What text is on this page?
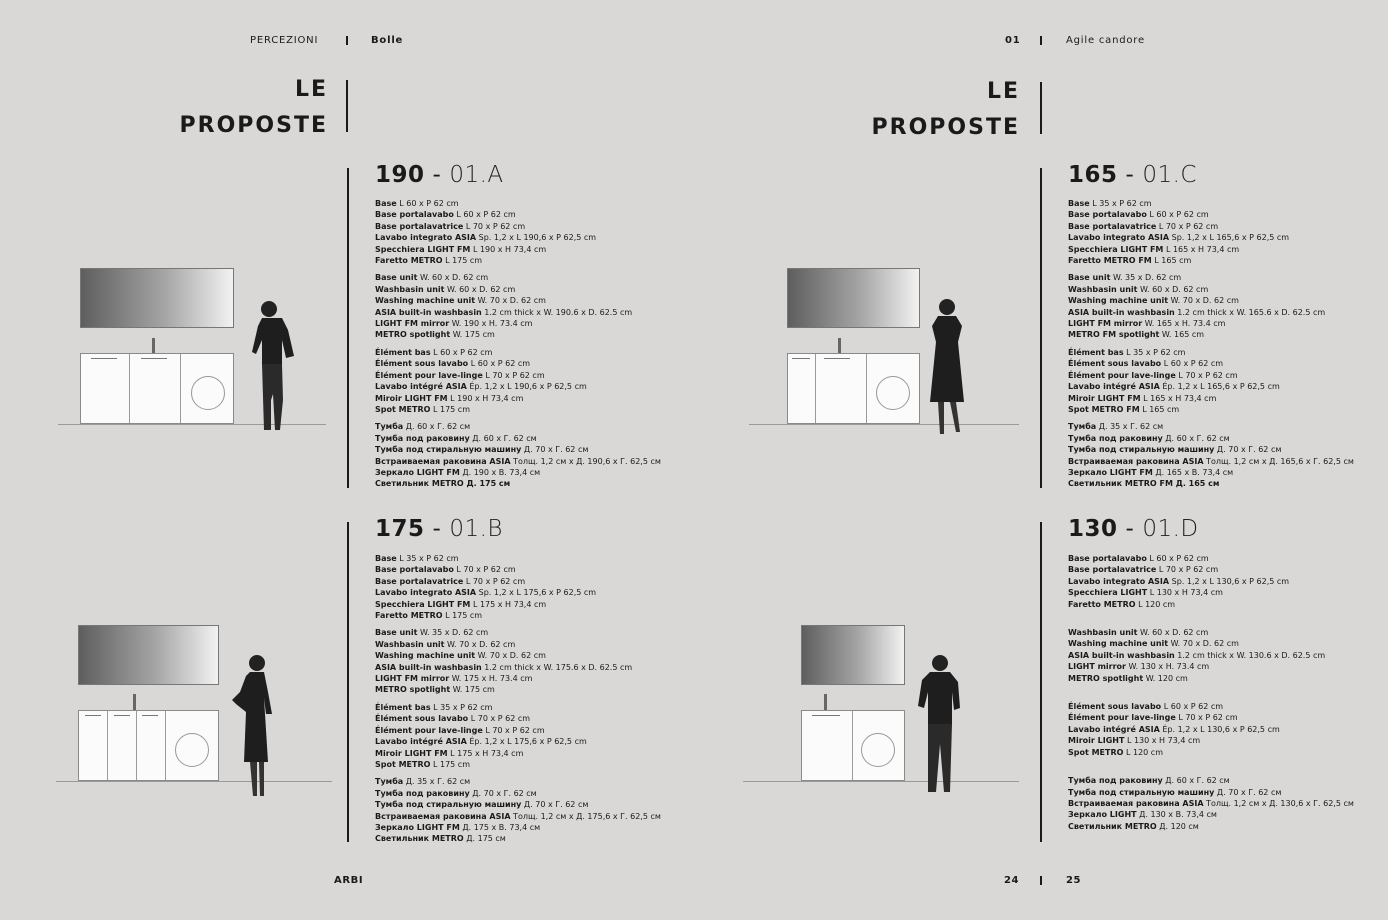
PERCEZIONI	Bolle	01	Agile candore
LE
PROPOSTE
LE
PROPOSTE
190 - 01.A
Base L 60 x P 62 cm
Base portalavabo L 60 x P 62 cm
Base portalavatrice L 70 x P 62 cm
Lavabo integrato ASIA Sp. 1,2 x L 190,6 x P 62,5 cm
Specchiera LIGHT FM L 190 x H 73,4 cm
Faretto METRO L 175 cm
Base unit W. 60 x D. 62 cm
Washbasin unit W. 60 x D. 62 cm
Washing machine unit W. 70 x D. 62 cm
ASIA built-in washbasin 1.2 cm thick x W. 190.6 x D. 62.5 cm
LIGHT FM mirror W. 190 x H. 73.4 cm
METRO spotlight W. 175 cm
Élément bas L 60 x P 62 cm
Élément sous lavabo L 60 x P 62 cm
Élément pour lave-linge L 70 x P 62 cm
Lavabo intégré ASIA Ép. 1,2 x L 190,6 x P 62,5 cm
Miroir LIGHT FM L 190 x H 73,4 cm
Spot METRO L 175 cm
Тумба Д. 60 x Г. 62 см
Тумба под раковину Д. 60 x Г. 62 см
Тумба под стиральную машину Д. 70 x Г. 62 см
Встраиваемая раковина ASIA Толщ. 1,2 см x Д. 190,6 x Г. 62,5 см
Зеркало LIGHT FM Д. 190 x В. 73,4 см
Светильник METRO Д. 175 см
175 - 01.B
Base L 35 x P 62 cm
Base portalavabo L 70 x P 62 cm
Base portalavatrice L 70 x P 62 cm
Lavabo integrato ASIA Sp. 1,2 x L 175,6 x P 62,5 cm
Specchiera LIGHT FM L 175 x H 73,4 cm
Faretto METRO L 175 cm
Base unit W. 35 x D. 62 cm
Washbasin unit W. 70 x D. 62 cm
Washing machine unit W. 70 x D. 62 cm
ASIA built-in washbasin 1.2 cm thick x W. 175.6 x D. 62.5 cm
LIGHT FM mirror W. 175 x H. 73.4 cm
METRO spotlight W. 175 cm
Élément bas L 35 x P 62 cm
Élément sous lavabo L 70 x P 62 cm
Élément pour lave-linge L 70 x P 62 cm
Lavabo intégré ASIA Ép. 1,2 x L 175,6 x P 62,5 cm
Miroir LIGHT FM L 175 x H 73,4 cm
Spot METRO L 175 cm
Тумба Д. 35 x Г. 62 см
Тумба под раковину Д. 70 x Г. 62 см
Тумба под стиральную машину Д. 70 x Г. 62 см
Встраиваемая раковина ASIA Толщ. 1,2 см x Д. 175,6 x Г. 62,5 см
Зеркало LIGHT FM Д. 175 x В. 73,4 см
Светильник METRO Д. 175 см
165 - 01.C
Base L 35 x P 62 cm
Base portalavabo L 60 x P 62 cm
Base portalavatrice L 70 x P 62 cm
Lavabo integrato ASIA Sp. 1,2 x L 165,6 x P 62,5 cm
Specchiera LIGHT FM L 165 x H 73,4 cm
Faretto METRO FM L 165 cm
Base unit W. 35 x D. 62 cm
Washbasin unit W. 60 x D. 62 cm
Washing machine unit W. 70 x D. 62 cm
ASIA built-in washbasin 1.2 cm thick x W. 165.6 x D. 62.5 cm
LIGHT FM mirror W. 165 x H. 73.4 cm
METRO FM spotlight W. 165 cm
Élément bas L 35 x P 62 cm
Élément sous lavabo L 60 x P 62 cm
Élément pour lave-linge L 70 x P 62 cm
Lavabo intégré ASIA Ép. 1,2 x L 165,6 x P 62,5 cm
Miroir LIGHT FM L 165 x H 73,4 cm
Spot METRO FM L 165 cm
Тумба Д. 35 x Г. 62 см
Тумба под раковину Д. 60 x Г. 62 см
Тумба под стиральную машину Д. 70 x Г. 62 см
Встраиваемая раковина ASIA Толщ. 1,2 см x Д. 165,6 x Г. 62,5 см
Зеркало LIGHT FM Д. 165 x В. 73,4 см
Светильник METRO FM Д. 165 см
130 - 01.D
Base portalavabo L 60 x P 62 cm
Base portalavatrice L 70 x P 62 cm
Lavabo integrato ASIA Sp. 1,2 x L 130,6 x P 62,5 cm
Specchiera LIGHT L 130 x H 73,4 cm
Faretto METRO L 120 cm
Washbasin unit W. 60 x D. 62 cm
Washing machine unit W. 70 x D. 62 cm
ASIA built-in washbasin 1.2 cm thick x W. 130.6 x D. 62.5 cm
LIGHT mirror W. 130 x H. 73.4 cm
METRO spotlight W. 120 cm
Élément sous lavabo L 60 x P 62 cm
Élément pour lave-linge L 70 x P 62 cm
Lavabo intégré ASIA Ép. 1,2 x L 130,6 x P 62,5 cm
Miroir LIGHT L 130 x H 73,4 cm
Spot METRO L 120 cm
Тумба под раковину Д. 60 x Г. 62 см
Тумба под стиральную машину Д. 70 x Г. 62 см
Встраиваемая раковина ASIA Толщ. 1,2 см x Д. 130,6 x Г. 62,5 см
Зеркало LIGHT Д. 130 x В. 73,4 см
Светильник METRO Д. 120 см
ARBI	24	25
